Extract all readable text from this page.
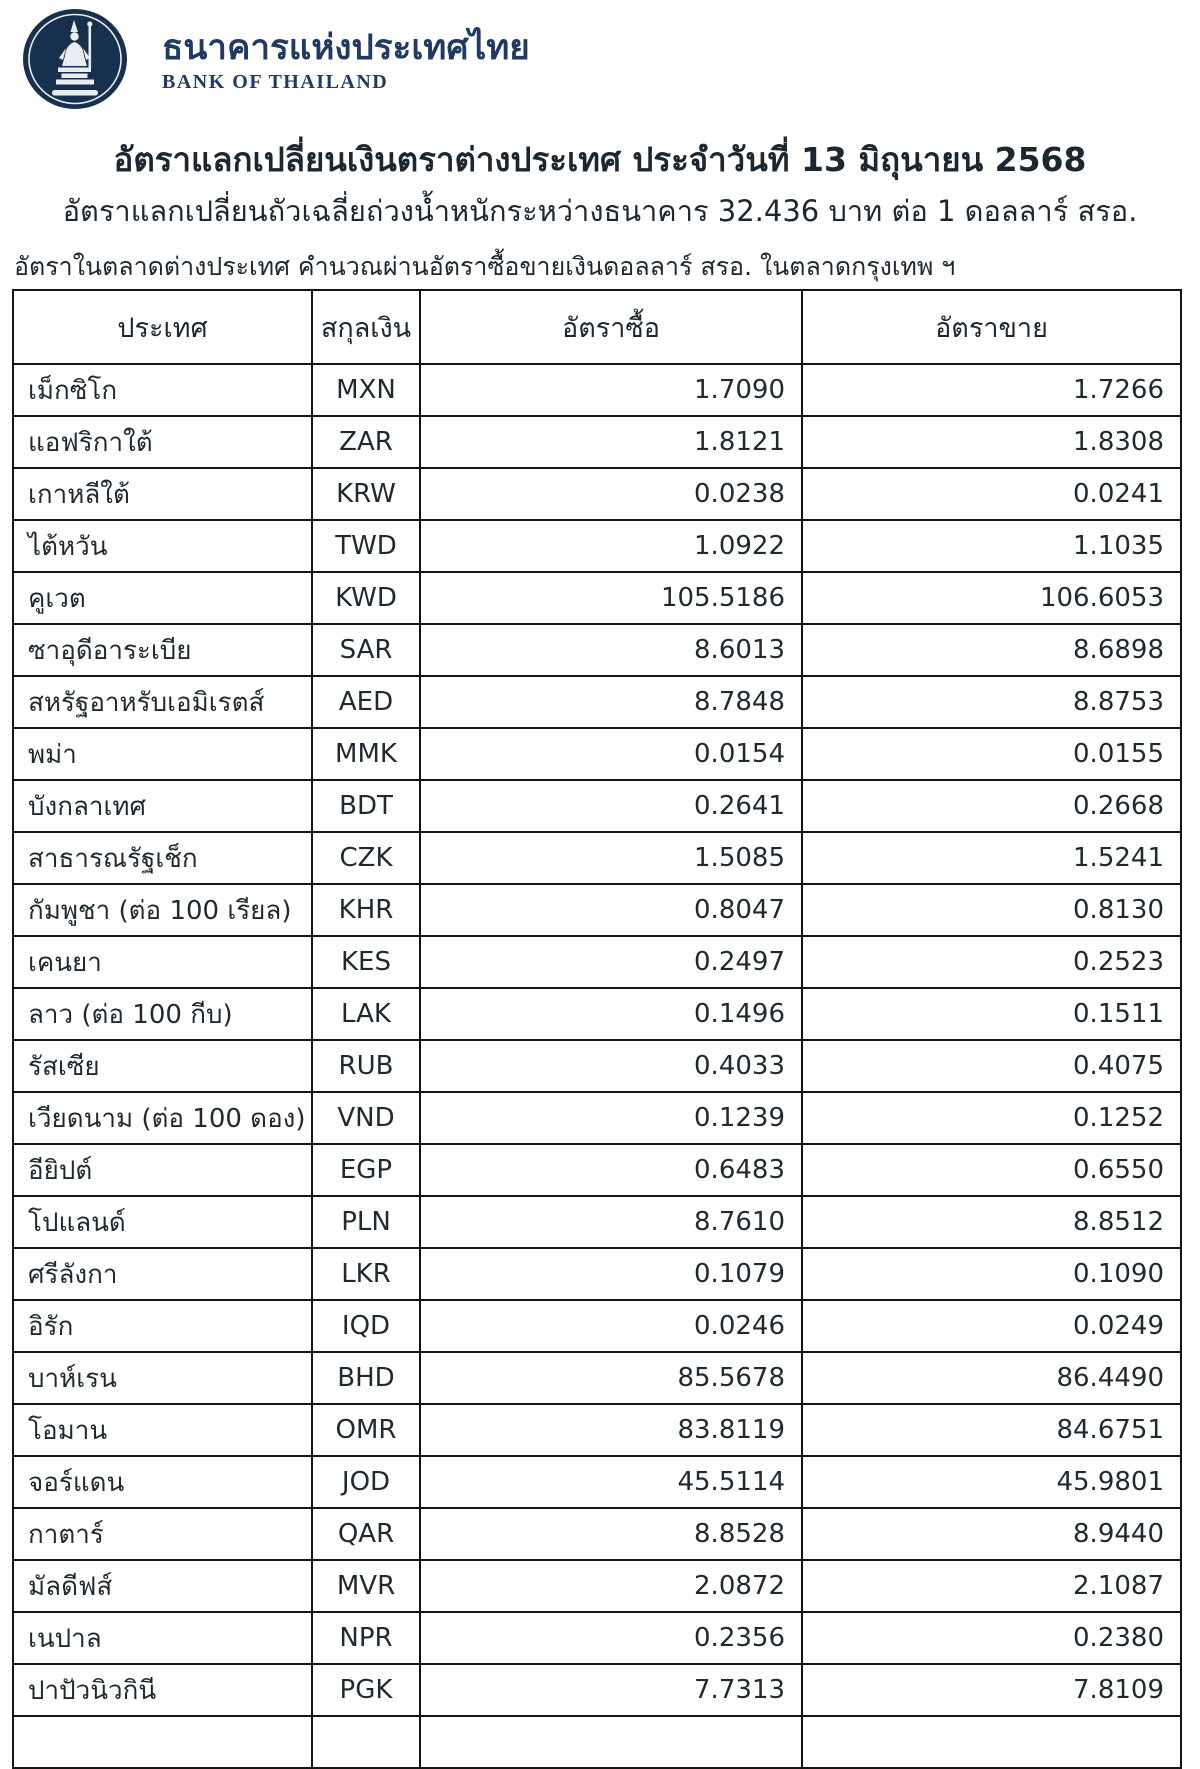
ธนาคารแห่งประเทศไทย
BANK OF THAILAND
อัตราแลกเปลี่ยนเงินตราต่างประเทศ ประจำวันที่ 13 มิถุนายน 2568
อัตราแลกเปลี่ยนถัวเฉลี่ยถ่วงน้ำหนักระหว่างธนาคาร 32.436 บาท ต่อ 1 ดอลลาร์ สรอ.
อัตราในตลาดต่างประเทศ คำนวณผ่านอัตราซื้อขายเงินดอลลาร์ สรอ. ในตลาดกรุงเทพ ฯ
ประเทศ	สกุลเงิน	อัตราซื้อ	อัตราขาย
เม็กซิโก	MXN	1.7090	1.7266
แอฟริกาใต้	ZAR	1.8121	1.8308
เกาหลีใต้	KRW	0.0238	0.0241
ไต้หวัน	TWD	1.0922	1.1035
คูเวต	KWD	105.5186	106.6053
ซาอุดีอาระเบีย	SAR	8.6013	8.6898
สหรัฐอาหรับเอมิเรตส์	AED	8.7848	8.8753
พม่า	MMK	0.0154	0.0155
บังกลาเทศ	BDT	0.2641	0.2668
สาธารณรัฐเช็ก	CZK	1.5085	1.5241
กัมพูชา (ต่อ 100 เรียล)	KHR	0.8047	0.8130
เคนยา	KES	0.2497	0.2523
ลาว (ต่อ 100 กีบ)	LAK	0.1496	0.1511
รัสเซีย	RUB	0.4033	0.4075
เวียดนาม (ต่อ 100 ดอง)	VND	0.1239	0.1252
อียิปต์	EGP	0.6483	0.6550
โปแลนด์	PLN	8.7610	8.8512
ศรีลังกา	LKR	0.1079	0.1090
อิรัก	IQD	0.0246	0.0249
บาห์เรน	BHD	85.5678	86.4490
โอมาน	OMR	83.8119	84.6751
จอร์แดน	JOD	45.5114	45.9801
กาตาร์	QAR	8.8528	8.9440
มัลดีฟส์	MVR	2.0872	2.1087
เนปาล	NPR	0.2356	0.2380
ปาปัวนิวกินี	PGK	7.7313	7.8109
